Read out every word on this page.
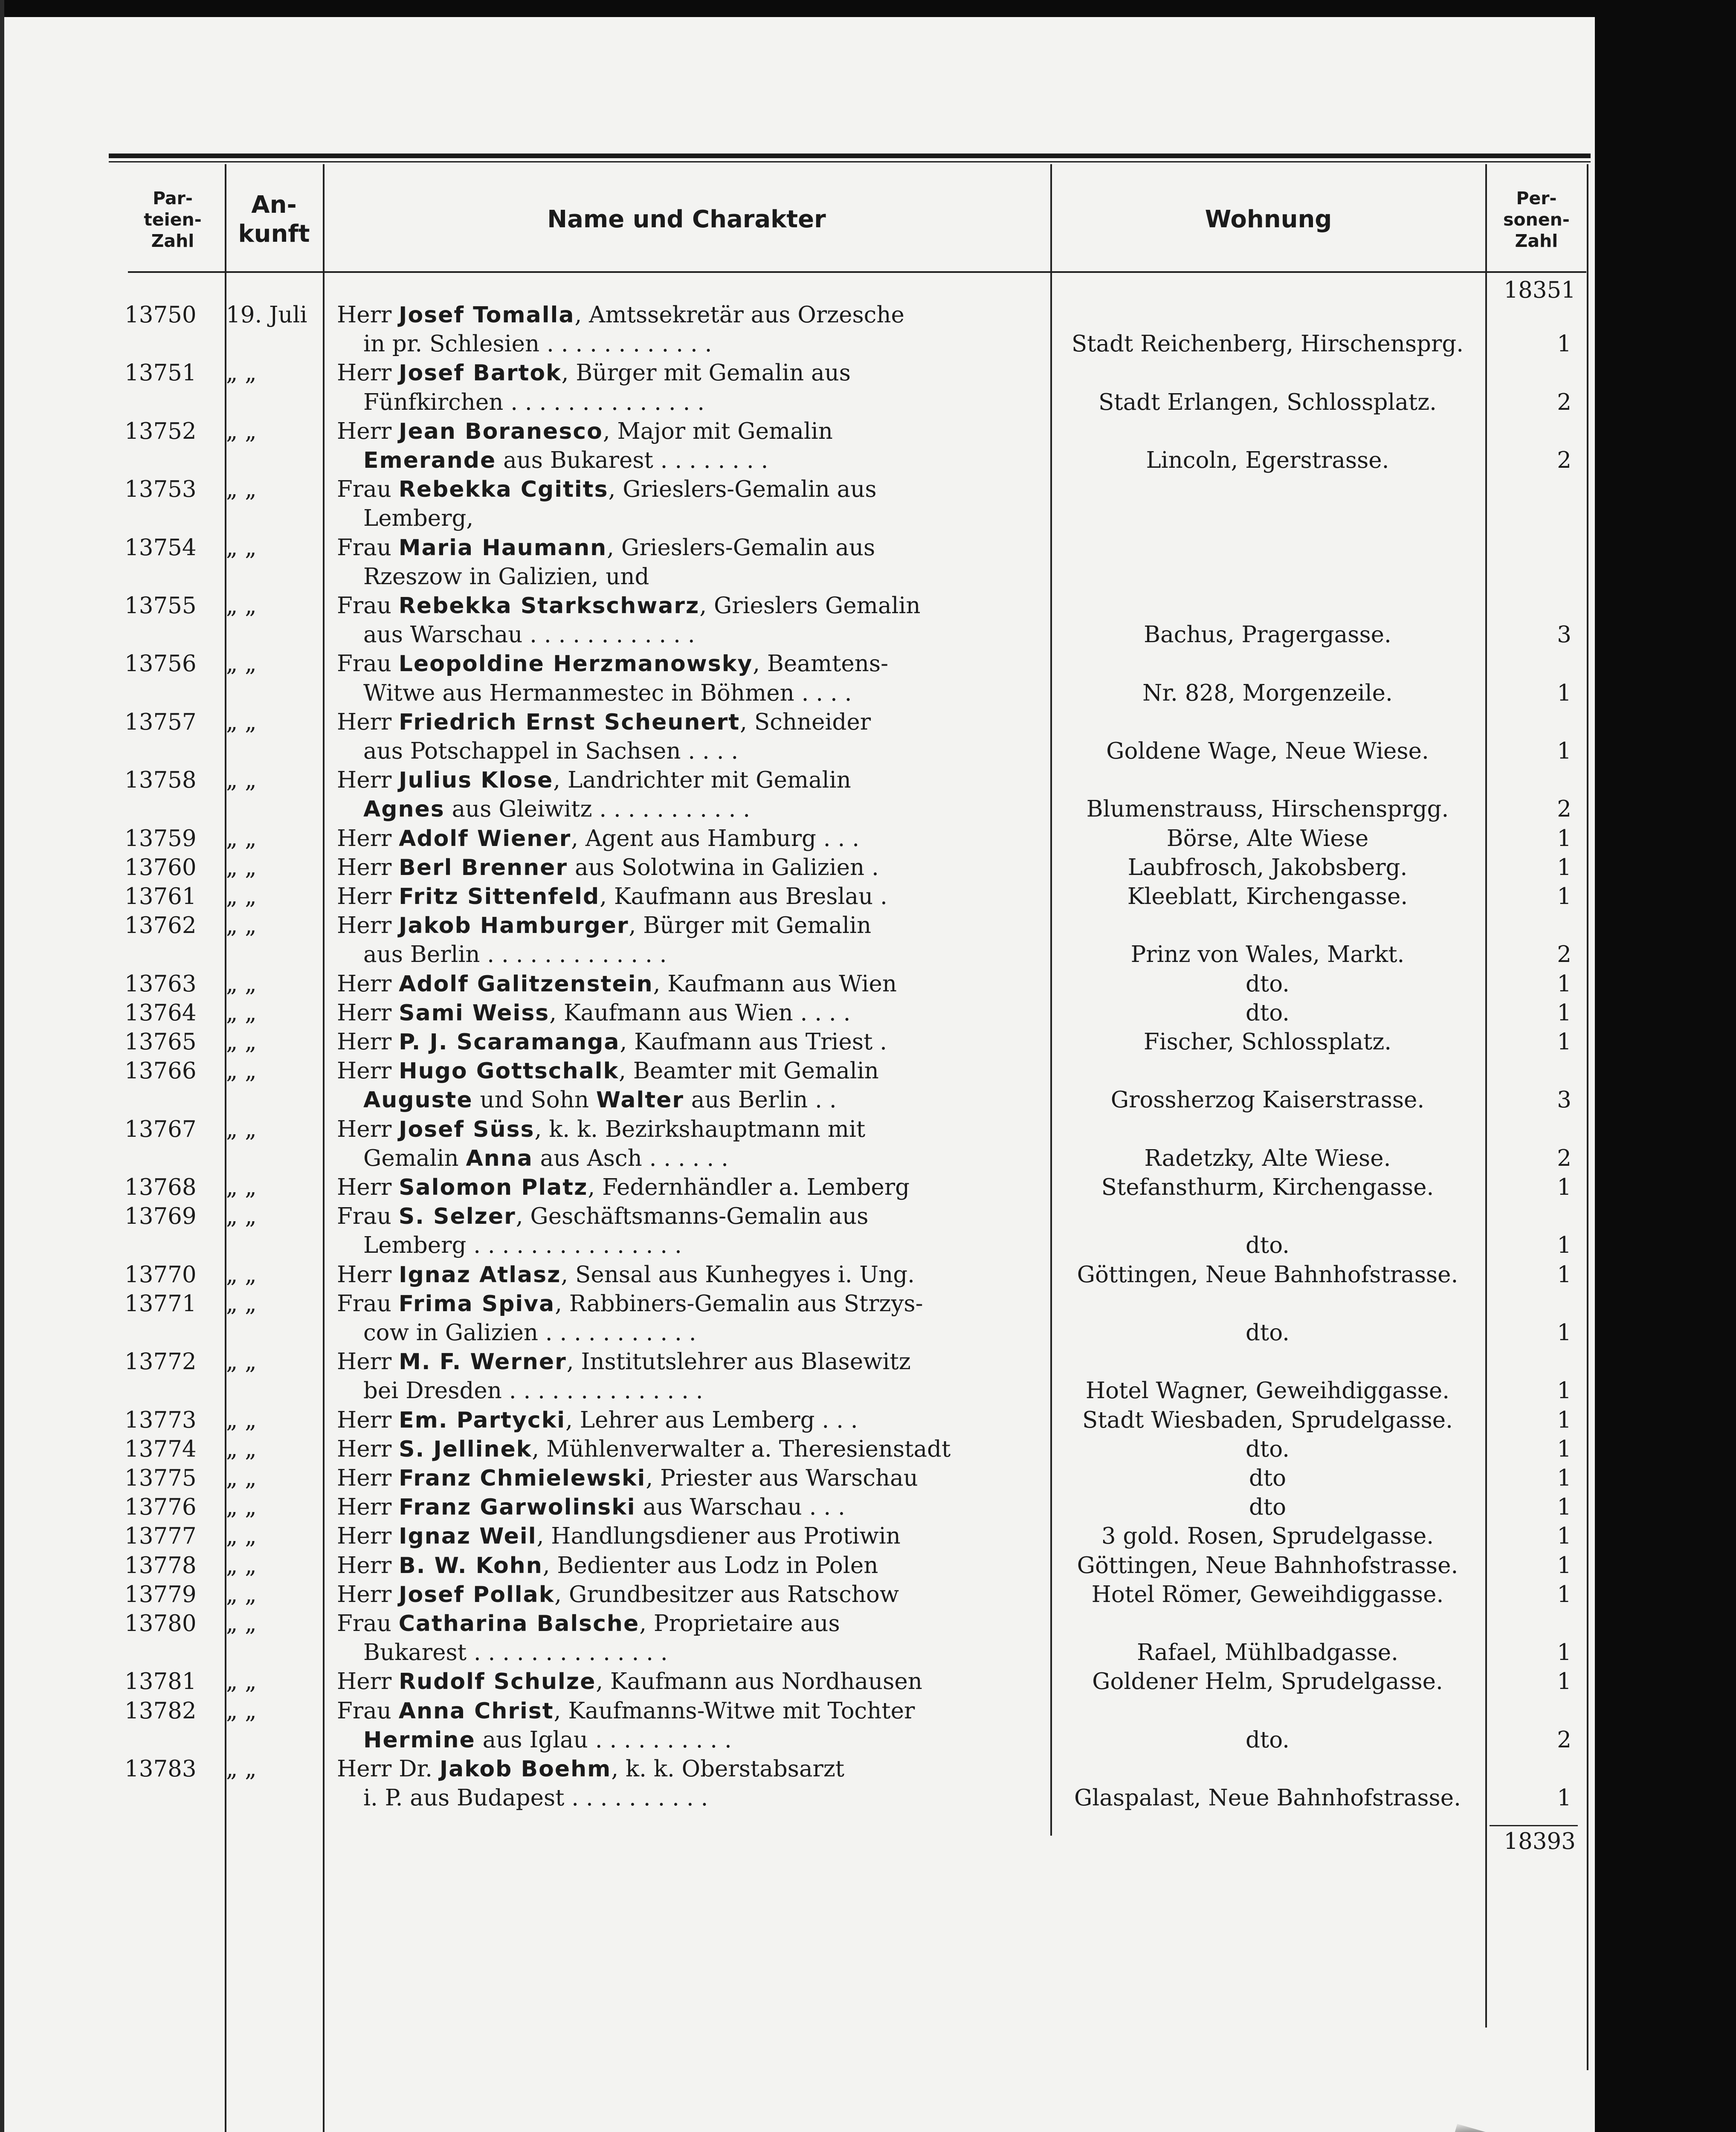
Par-
teien-
Zahl
An-
kunft
Name und Charakter	Wohnung
Per-
sonen-
Zahl
18351
13750	19. Juli	Herr Josef Tomalla, Amtssekretär aus Orzesche
in pr. Schlesien . . . . . . . . . . . .	Stadt Reichenberg, Hirschensprg.	1
13751	„ „	Herr Josef Bartok, Bürger mit Gemalin aus
Fünfkirchen . . . . . . . . . . . . . .	Stadt Erlangen, Schlossplatz.	2
13752	„ „	Herr Jean Boranesco, Major mit Gemalin
Emerande aus Bukarest . . . . . . . .	Lincoln, Egerstrasse.	2
13753	„ „	Frau Rebekka Cgitits, Grieslers-Gemalin aus
Lemberg,
13754	„ „	Frau Maria Haumann, Grieslers-Gemalin aus
Rzeszow in Galizien, und
13755	„ „	Frau Rebekka Starkschwarz, Grieslers Gemalin
aus Warschau . . . . . . . . . . . .	Bachus, Pragergasse.	3
13756	„ „	Frau Leopoldine Herzmanowsky, Beamtens-
Witwe aus Hermanmestec in Böhmen . . . .	Nr. 828, Morgenzeile.	1
13757	„ „	Herr Friedrich Ernst Scheunert, Schneider
aus Potschappel in Sachsen . . . .	Goldene Wage, Neue Wiese.	1
13758	„ „	Herr Julius Klose, Landrichter mit Gemalin
Agnes aus Gleiwitz . . . . . . . . . . .	Blumenstrauss, Hirschensprgg.	2
13759	„ „	Herr Adolf Wiener, Agent aus Hamburg . . .	Börse, Alte Wiese	1
13760	„ „	Herr Berl Brenner aus Solotwina in Galizien .	Laubfrosch, Jakobsberg.	1
13761	„ „	Herr Fritz Sittenfeld, Kaufmann aus Breslau .	Kleeblatt, Kirchengasse.	1
13762	„ „	Herr Jakob Hamburger, Bürger mit Gemalin
aus Berlin . . . . . . . . . . . . .	Prinz von Wales, Markt.	2
13763	„ „	Herr Adolf Galitzenstein, Kaufmann aus Wien	dto.	1
13764	„ „	Herr Sami Weiss, Kaufmann aus Wien . . . .	dto.	1
13765	„ „	Herr P. J. Scaramanga, Kaufmann aus Triest .	Fischer, Schlossplatz.	1
13766	„ „	Herr Hugo Gottschalk, Beamter mit Gemalin
Auguste und Sohn Walter aus Berlin . .	Grossherzog Kaiserstrasse.	3
13767	„ „	Herr Josef Süss, k. k. Bezirkshauptmann mit
Gemalin Anna aus Asch . . . . . .	Radetzky, Alte Wiese.	2
13768	„ „	Herr Salomon Platz, Federnhändler a. Lemberg	Stefansthurm, Kirchengasse.	1
13769	„ „	Frau S. Selzer, Geschäftsmanns-Gemalin aus
Lemberg . . . . . . . . . . . . . . .	dto.	1
13770	„ „	Herr Ignaz Atlasz, Sensal aus Kunhegyes i. Ung.	Göttingen, Neue Bahnhofstrasse.	1
13771	„ „	Frau Frima Spiva, Rabbiners-Gemalin aus Strzys-
cow in Galizien . . . . . . . . . . .	dto.	1
13772	„ „	Herr M. F. Werner, Institutslehrer aus Blasewitz
bei Dresden . . . . . . . . . . . . . .	Hotel Wagner, Geweihdiggasse.	1
13773	„ „	Herr Em. Partycki, Lehrer aus Lemberg . . .	Stadt Wiesbaden, Sprudelgasse.	1
13774	„ „	Herr S. Jellinek, Mühlenverwalter a. Theresienstadt	dto.	1
13775	„ „	Herr Franz Chmielewski, Priester aus Warschau	dto	1
13776	„ „	Herr Franz Garwolinski aus Warschau . . .	dto	1
13777	„ „	Herr Ignaz Weil, Handlungsdiener aus Protiwin	3 gold. Rosen, Sprudelgasse.	1
13778	„ „	Herr B. W. Kohn, Bedienter aus Lodz in Polen	Göttingen, Neue Bahnhofstrasse.	1
13779	„ „	Herr Josef Pollak, Grundbesitzer aus Ratschow	Hotel Römer, Geweihdiggasse.	1
13780	„ „	Frau Catharina Balsche, Proprietaire aus
Bukarest . . . . . . . . . . . . . .	Rafael, Mühlbadgasse.	1
13781	„ „	Herr Rudolf Schulze, Kaufmann aus Nordhausen	Goldener Helm, Sprudelgasse.	1
13782	„ „	Frau Anna Christ, Kaufmanns-Witwe mit Tochter
Hermine aus Iglau . . . . . . . . . .	dto.	2
13783	„ „	Herr Dr. Jakob Boehm, k. k. Oberstabsarzt
i. P. aus Budapest . . . . . . . . . .	Glaspalast, Neue Bahnhofstrasse.	1
18393
